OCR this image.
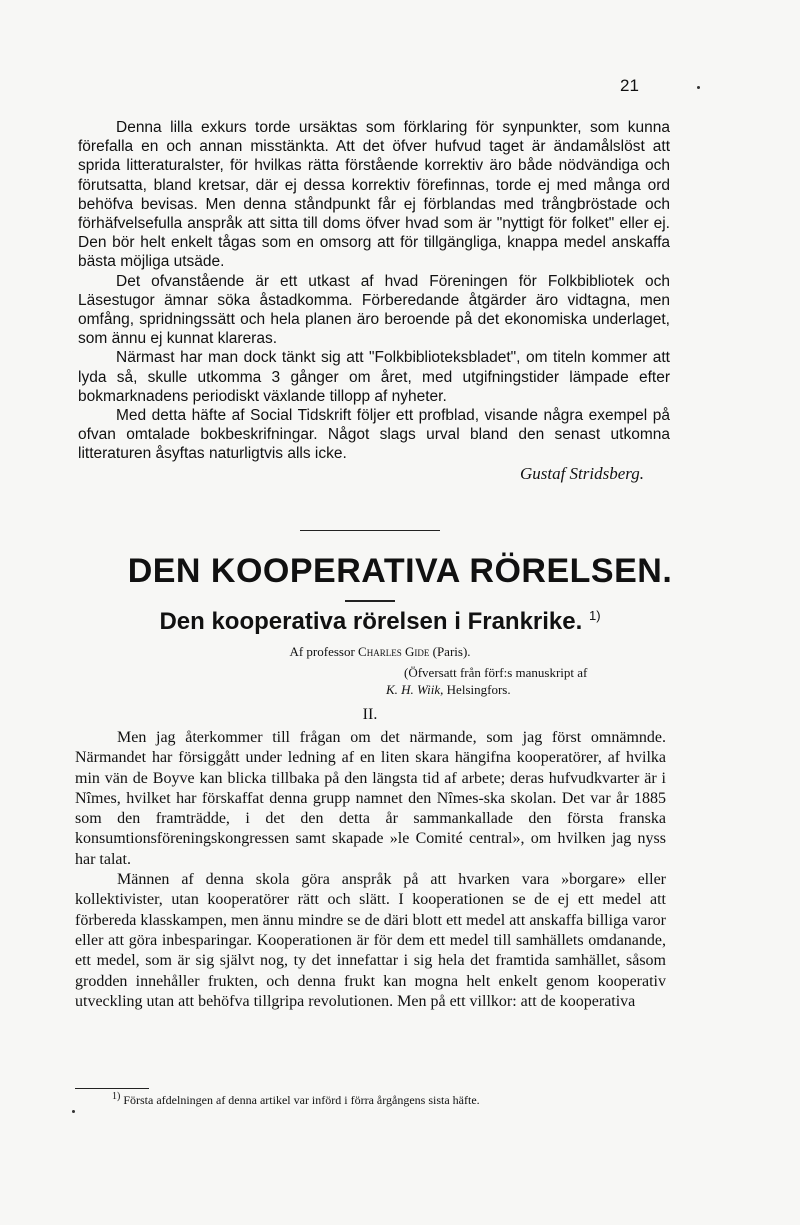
21

Denna lilla exkurs torde ursäktas som förklaring för synpunkter, som kunna förefalla en och annan misstänkta. Att det öfver hufvud taget är ändamålslöst att sprida litteraturalster, för hvilkas rätta förstående korrektiv äro både nödvändiga och förutsatta, bland kretsar, där ej dessa korrektiv förefinnas, torde ej med många ord behöfva bevisas. Men denna ståndpunkt får ej förblandas med trångbröstade och förhäfvelsefulla anspråk att sitta till doms öfver hvad som är "nyttigt för folket" eller ej. Den bör helt enkelt tågas som en omsorg att för tillgängliga, knappa medel anskaffa bästa möjliga utsäde.

Det ofvanstående är ett utkast af hvad Föreningen för Folkbibliotek och Läsestugor ämnar söka åstadkomma. Förberedande åtgärder äro vidtagna, men omfång, spridningssätt och hela planen äro beroende på det ekonomiska underlaget, som ännu ej kunnat klareras.

Närmast har man dock tänkt sig att "Folkbiblioteksbladet", om titeln kommer att lyda så, skulle utkomma 3 gånger om året, med utgifningstider lämpade efter bokmarknadens periodiskt växlande tillopp af nyheter.

Med detta häfte af Social Tidskrift följer ett profblad, visande några exempel på ofvan omtalade bokbeskrifningar. Något slags urval bland den senast utkomna litteraturen åsyftas naturligtvis alls icke.

Gustaf Stridsberg.
DEN KOOPERATIVA RÖRELSEN.
Den kooperativa rörelsen i Frankrike. $^{1)}$
Af professor Charles Gide (Paris).
(Öfversatt från förf:s manuskript af
K. H. Wiik, Helsingfors.
II.

Men jag återkommer till frågan om det närmande, som jag först omnämnde. Närmandet har försiggått under ledning af en liten skara hängifna kooperatörer, af hvilka min vän de Boyve kan blicka tillbaka på den längsta tid af arbete; deras hufvudkvarter är i Nîmes, hvilket har förskaffat denna grupp namnet den Nîmes-ska skolan. Det var år 1885 som den framträdde, i det den detta år sammankallade den första franska konsumtionsföreningskongressen samt skapade »le Comité central», om hvilken jag nyss har talat.

Männen af denna skola göra anspråk på att hvarken vara »borgare» eller kollektivister, utan kooperatörer rätt och slätt. I kooperationen se de ej ett medel att förbereda klasskampen, men ännu mindre se de däri blott ett medel att anskaffa billiga varor eller att göra inbesparingar. Kooperationen är för dem ett medel till samhällets omdanande, ett medel, som är sig självt nog, ty det innefattar i sig hela det framtida samhället, såsom grodden innehåller frukten, och denna frukt kan mogna helt enkelt genom kooperativ utveckling utan att behöfva tillgripa revolutionen. Men på ett villkor: att de kooperativa

$^{1)}$ Första afdelningen af denna artikel var införd i förra årgångens sista häfte.
